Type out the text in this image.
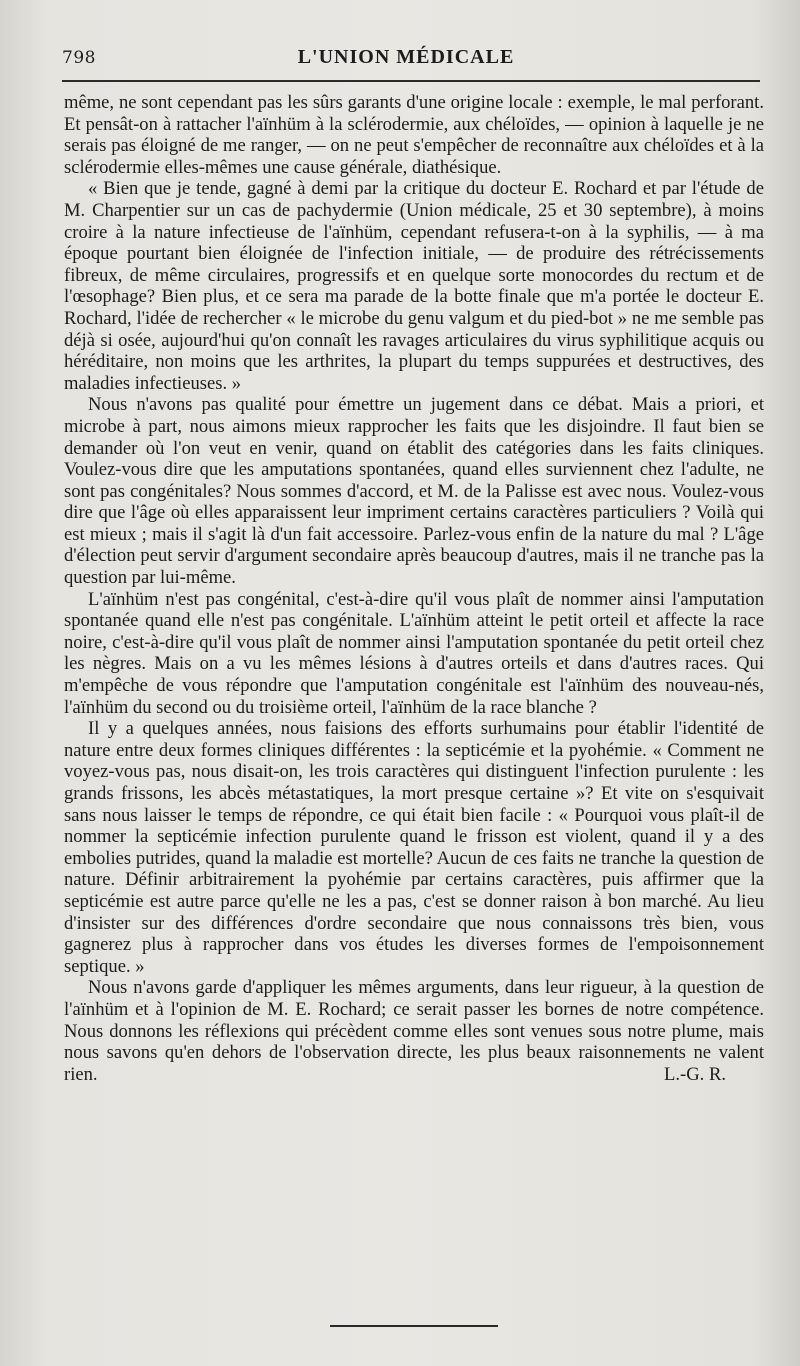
798	L'UNION MÉDICALE

même, ne sont cependant pas les sûrs garants d'une origine locale : exemple, le mal perforant. Et pensât-on à rattacher l'aïnhüm à la sclérodermie, aux chéloïdes, — opinion à laquelle je ne serais pas éloigné de me ranger, — on ne peut s'empêcher de reconnaître aux chéloïdes et à la sclérodermie elles-mêmes une cause générale, diathésique.

« Bien que je tende, gagné à demi par la critique du docteur E. Rochard et par l'étude de M. Charpentier sur un cas de pachydermie (Union médicale, 25 et 30 septembre), à moins croire à la nature infectieuse de l'aïnhüm, cependant refusera-t-on à la syphilis, — à ma époque pourtant bien éloignée de l'infection initiale, — de produire des rétrécissements fibreux, de même circulaires, progressifs et en quelque sorte monocordes du rectum et de l'œsophage? Bien plus, et ce sera ma parade de la botte finale que m'a portée le docteur E. Rochard, l'idée de rechercher « le microbe du genu valgum et du pied-bot » ne me semble pas déjà si osée, aujourd'hui qu'on connaît les ravages articulaires du virus syphilitique acquis ou héréditaire, non moins que les arthrites, la plupart du temps suppurées et destructives, des maladies infectieuses. »

Nous n'avons pas qualité pour émettre un jugement dans ce débat. Mais a priori, et microbe à part, nous aimons mieux rapprocher les faits que les disjoindre. Il faut bien se demander où l'on veut en venir, quand on établit des catégories dans les faits cliniques. Voulez-vous dire que les amputations spontanées, quand elles surviennent chez l'adulte, ne sont pas congénitales? Nous sommes d'accord, et M. de la Palisse est avec nous. Voulez-vous dire que l'âge où elles apparaissent leur impriment certains caractères particuliers ? Voilà qui est mieux ; mais il s'agit là d'un fait accessoire. Parlez-vous enfin de la nature du mal ? L'âge d'élection peut servir d'argument secondaire après beaucoup d'autres, mais il ne tranche pas la question par lui-même.

L'aïnhüm n'est pas congénital, c'est-à-dire qu'il vous plaît de nommer ainsi l'amputation spontanée quand elle n'est pas congénitale. L'aïnhüm atteint le petit orteil et affecte la race noire, c'est-à-dire qu'il vous plaît de nommer ainsi l'amputation spontanée du petit orteil chez les nègres. Mais on a vu les mêmes lésions à d'autres orteils et dans d'autres races. Qui m'empêche de vous répondre que l'amputation congénitale est l'aïnhüm des nouveau-nés, l'aïnhüm du second ou du troisième orteil, l'aïnhüm de la race blanche ?

Il y a quelques années, nous faisions des efforts surhumains pour établir l'identité de nature entre deux formes cliniques différentes : la septicémie et la pyohémie. « Comment ne voyez-vous pas, nous disait-on, les trois caractères qui distinguent l'infection purulente : les grands frissons, les abcès métastatiques, la mort presque certaine »? Et vite on s'esquivait sans nous laisser le temps de répondre, ce qui était bien facile : « Pourquoi vous plaît-il de nommer la septicémie infection purulente quand le frisson est violent, quand il y a des embolies putrides, quand la maladie est mortelle? Aucun de ces faits ne tranche la question de nature. Définir arbitrairement la pyohémie par certains caractères, puis affirmer que la septicémie est autre parce qu'elle ne les a pas, c'est se donner raison à bon marché. Au lieu d'insister sur des différences d'ordre secondaire que nous connaissons très bien, vous gagnerez plus à rapprocher dans vos études les diverses formes de l'empoisonnement septique. »

Nous n'avons garde d'appliquer les mêmes arguments, dans leur rigueur, à la question de l'aïnhüm et à l'opinion de M. E. Rochard; ce serait passer les bornes de notre compétence. Nous donnons les réflexions qui précèdent comme elles sont venues sous notre plume, mais nous savons qu'en dehors de l'observation directe, les plus beaux raisonnements ne valent rien.	L.-G. R.
